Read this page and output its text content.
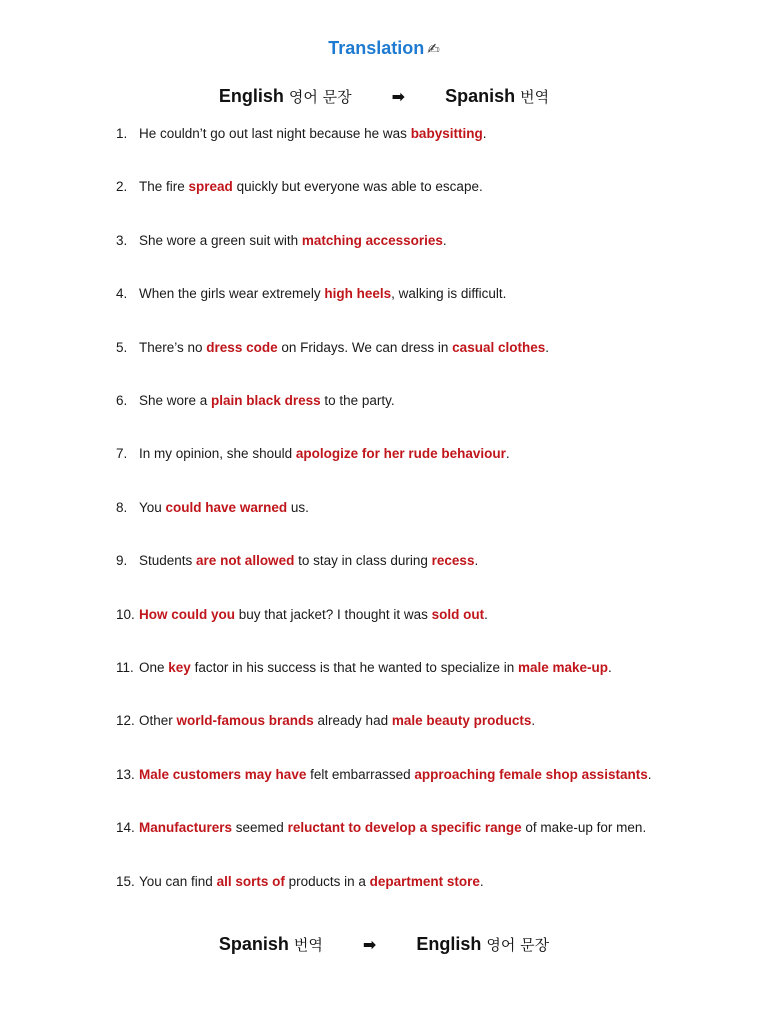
Translation ✍
English 영어 문장	➡ Spanish 번역
1. He couldn’t go out last night because he was babysitting.
2. The fire spread quickly but everyone was able to escape.
3. She wore a green suit with matching accessories.
4. When the girls wear extremely high heels, walking is difficult.
5. There’s no dress code on Fridays. We can dress in casual clothes.
6. She wore a plain black dress to the party.
7. In my opinion, she should apologize for her rude behaviour.
8. You could have warned us.
9. Students are not allowed to stay in class during recess.
10. How could you buy that jacket? I thought it was sold out.
11. One key factor in his success is that he wanted to specialize in male make-up.
12. Other world-famous brands already had male beauty products.
13. Male customers may have felt embarrassed approaching female shop assistants.
14. Manufacturers seemed reluctant to develop a specific range of make-up for men.
15. You can find all sorts of products in a department store.
Spanish 번역	➡ English 영어 문장
